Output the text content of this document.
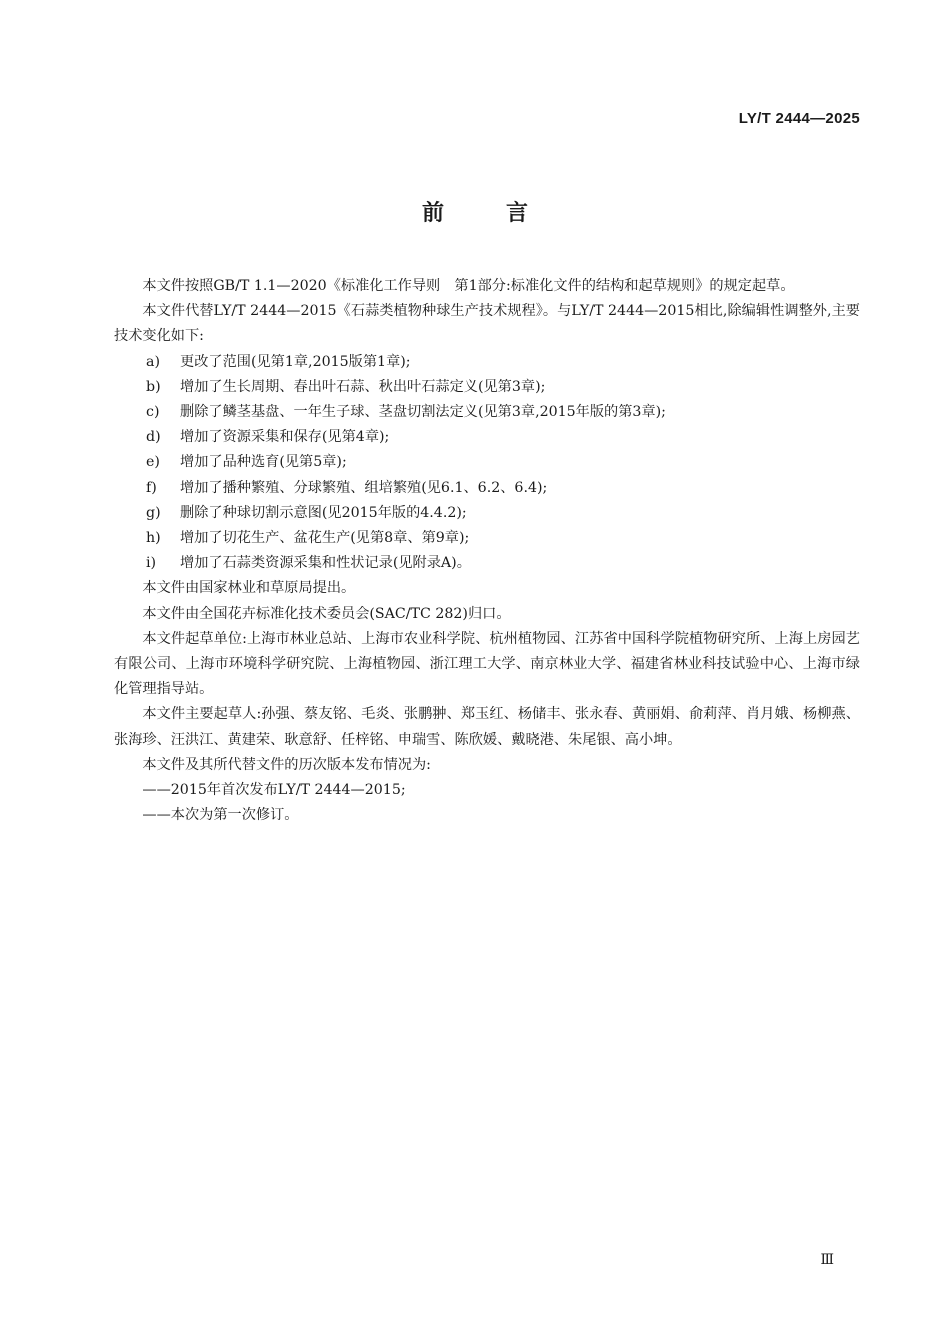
LY/T 2444—2025
前	言

本文件按照GB/T 1.1—2020《标准化工作导则　第1部分:标准化文件的结构和起草规则》的规定起草。

本文件代替LY/T 2444—2015《石蒜类植物种球生产技术规程》。与LY/T 2444—2015相比,除编辑性调整外,主要技术变化如下:

a)	更改了范围(见第1章,2015版第1章);

b)	增加了生长周期、春出叶石蒜、秋出叶石蒜定义(见第3章);

c)	删除了鳞茎基盘、一年生子球、茎盘切割法定义(见第3章,2015年版的第3章);

d)	增加了资源采集和保存(见第4章);

e)	增加了品种选育(见第5章);

f)	增加了播种繁殖、分球繁殖、组培繁殖(见6.1、6.2、6.4);

g)	删除了种球切割示意图(见2015年版的4.4.2);

h)	增加了切花生产、盆花生产(见第8章、第9章);

i)	增加了石蒜类资源采集和性状记录(见附录A)。

本文件由国家林业和草原局提出。

本文件由全国花卉标准化技术委员会(SAC/TC 282)归口。

本文件起草单位:上海市林业总站、上海市农业科学院、杭州植物园、江苏省中国科学院植物研究所、上海上房园艺有限公司、上海市环境科学研究院、上海植物园、浙江理工大学、南京林业大学、福建省林业科技试验中心、上海市绿化管理指导站。

本文件主要起草人:孙强、蔡友铭、毛炎、张鹏翀、郑玉红、杨储丰、张永春、黄丽娟、俞莉萍、肖月娥、杨柳燕、张海珍、汪洪江、黄建荣、耿意舒、任梓铭、申瑞雪、陈欣媛、戴晓港、朱尾银、高小坤。

本文件及其所代替文件的历次版本发布情况为:

——2015年首次发布LY/T 2444—2015;

——本次为第一次修订。

Ⅲ
